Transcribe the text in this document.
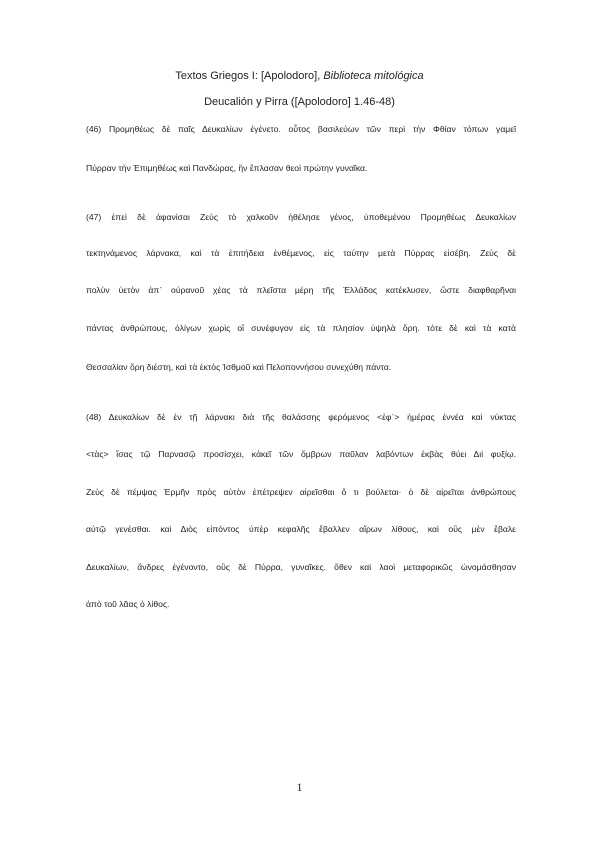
Textos Griegos I: [Apolodoro], Biblioteca mitológica
Deucalión y Pirra ([Apolodoro] 1.46-48)
(46) Προμηθέως δὲ παῖς Δευκαλίων ἐγένετο. οὗτος βασιλεύων τῶν περὶ τὴν Φθίαν τόπων γαμεῖ
Πύρραν τὴν Ἐπιμηθέως καὶ Πανδώρας, ἣν ἔπλασαν θεοὶ πρώτην γυναῖκα.
(47) ἐπεὶ δὲ ἀφανίσαι Ζεὺς τὸ χαλκοῦν ἠθέλησε γένος, ὑποθεμένου Προμηθέως Δευκαλίων
τεκτηνάμενος λάρνακα, καὶ τὰ ἐπιτήδεια ἐνθέμενος, εἰς ταύτην μετὰ Πύρρας εἰσέβη. Ζεὺς δὲ
πολὺν ὑετὸν ἀπ᾽ οὐρανοῦ χέας τὰ πλεῖστα μέρη τῆς Ἑλλάδος κατέκλυσεν, ὥστε διαφθαρῆναι
πάντας ἀνθρώπους, ὀλίγων χωρὶς οἳ συνέφυγον εἰς τὰ πλησίον ὑψηλὰ ὄρη. τότε δὲ καὶ τὰ κατὰ
Θεσσαλίαν ὄρη διέστη, καὶ τὰ ἐκτὸς Ἰσθμοῦ καὶ Πελοποννήσου συνεχύθη πάντα.
(48) Δευκαλίων δὲ ἐν τῇ λάρνακι διὰ τῆς θαλάσσης φερόμενος <ἐφ᾽> ἡμέρας ἐννέα καὶ νύκτας
<τὰς> ἴσας τῷ Παρνασῷ προσίσχει, κἀκεῖ τῶν ὄμβρων παῦλαν λαβόντων ἐκβὰς θύει Διὶ φυξίῳ.
Ζεὺς δὲ πέμψας Ἑρμῆν πρὸς αὐτὸν ἐπέτρεψεν αἱρεῖσθαι ὅ τι βούλεται· ὁ δὲ αἱρεῖται ἀνθρώπους
αὐτῷ γενέσθαι. καὶ Διὸς εἰπόντος ὑπὲρ κεφαλῆς ἔβαλλεν αἴρων λίθους, καὶ οὓς μὲν ἔβαλε
Δευκαλίων, ἄνδρες ἐγένοντο, οὓς δὲ Πύρρα, γυναῖκες. ὅθεν καὶ λαοὶ μεταφορικῶς ὠνομάσθησαν
ἀπὸ τοῦ λᾶας ὁ λίθος.
1
